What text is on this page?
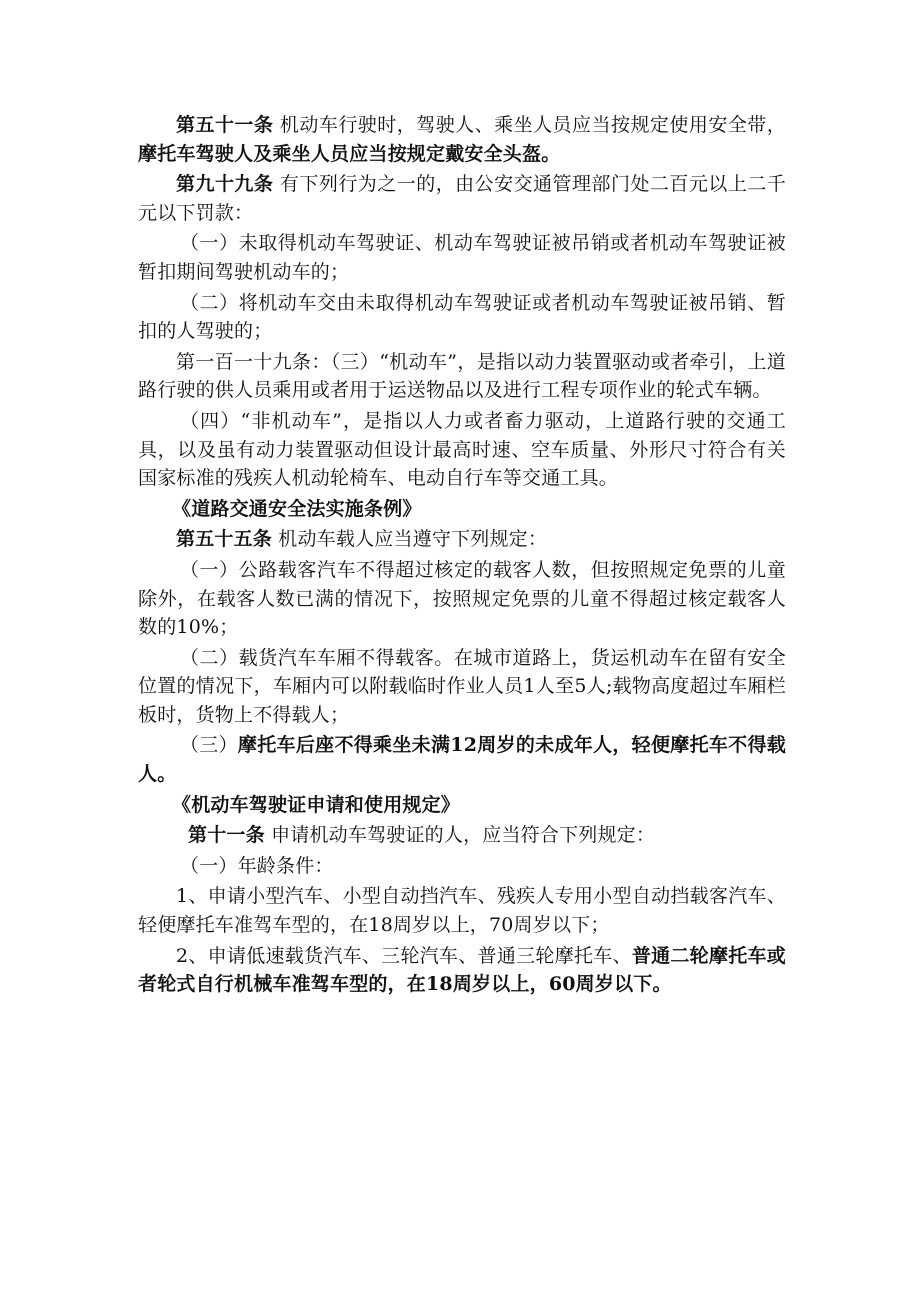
第五十一条 机动车行驶时，驾驶人、乘坐人员应当按规定使用安全带，摩托车驾驶人及乘坐人员应当按规定戴安全头盔。

第九十九条 有下列行为之一的，由公安交通管理部门处二百元以上二千元以下罚款：

（一）未取得机动车驾驶证、机动车驾驶证被吊销或者机动车驾驶证被暂扣期间驾驶机动车的；

（二）将机动车交由未取得机动车驾驶证或者机动车驾驶证被吊销、暂扣的人驾驶的；

第一百一十九条：（三）“机动车”，是指以动力装置驱动或者牵引，上道路行驶的供人员乘用或者用于运送物品以及进行工程专项作业的轮式车辆。

（四）“非机动车”，是指以人力或者畜力驱动，上道路行驶的交通工具，以及虽有动力装置驱动但设计最高时速、空车质量、外形尺寸符合有关国家标准的残疾人机动轮椅车、电动自行车等交通工具。

《道路交通安全法实施条例》

第五十五条 机动车载人应当遵守下列规定：

（一）公路载客汽车不得超过核定的载客人数，但按照规定免票的儿童除外，在载客人数已满的情况下，按照规定免票的儿童不得超过核定载客人数的10%；

（二）载货汽车车厢不得载客。在城市道路上，货运机动车在留有安全位置的情况下，车厢内可以附载临时作业人员1人至5人;载物高度超过车厢栏板时，货物上不得载人；

（三）摩托车后座不得乘坐未满12周岁的未成年人，轻便摩托车不得载人。

《机动车驾驶证申请和使用规定》

第十一条 申请机动车驾驶证的人，应当符合下列规定：

（一）年龄条件：

1、申请小型汽车、小型自动挡汽车、残疾人专用小型自动挡载客汽车、轻便摩托车准驾车型的，在18周岁以上，70周岁以下；

2、申请低速载货汽车、三轮汽车、普通三轮摩托车、普通二轮摩托车或者轮式自行机械车准驾车型的，在18周岁以上，60周岁以下。
